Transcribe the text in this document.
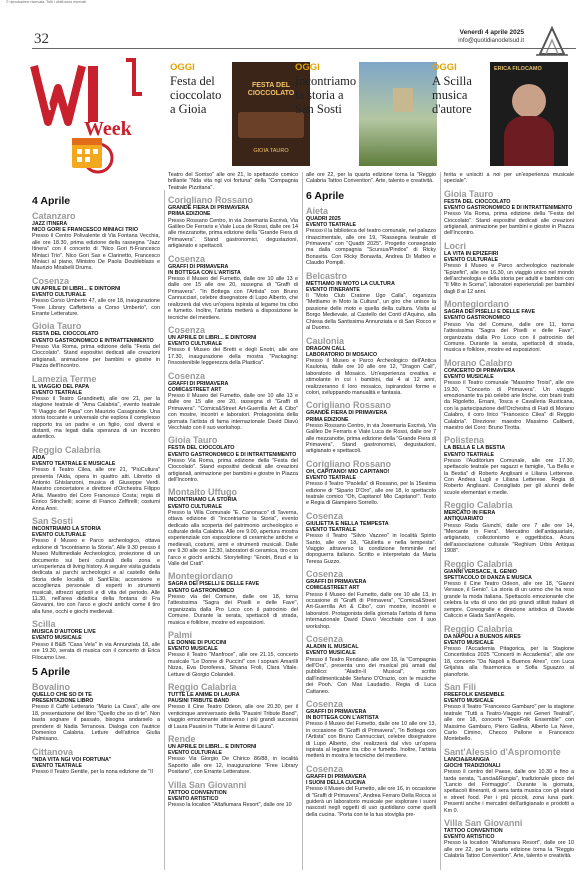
© riproduzione riservata. Tutti i diritti sono riservati
32	Venerdì 4 aprile 2025
info@quotidianodelsud.it
Week
OGGI
Festa del cioccolato a Gioia
FESTA DEL CIOCCOLATO
GIOIA TAURO
OGGI
Incontriamo la storia a San Sosti
OGGI
A Scilla musica d'autore
ERICA FILOCAMO
4 Aprile
Catanzaro
JAZZ ITINERA
NICO GORI E FRANCESCO MINIACI TRIO

Presso il Centro Polivalente di Via Fontana Vecchia, alle ore 18.30, prima edizione della rassegna "Jazz Itinera" con il concerto di "Nico Gori ft-Francesco Miniaci Trio". Nico Gori Sax e Clarinetto, Francesco Miniaci al piano, Ministro De Paola Doubleblass e Maurizio Mirabelli Drums.

Cosenza
UN APRILE DI LIBRI... E DINTORNI
EVENTO CULTURALE

Presso Corso Umberto 47, alle ore 18, inaugurazione "Free Library Caffetteria a Corso Umberto", con Errante Letterature.

Gioia Tauro
FESTA DEL CIOCCOLATO
EVENTO GASTRONOMICO E INTRATTENIMENTO

Presso Via Roma, prima edizione della "Festa del Cioccolato". Stand espositivi dedicati alle creazioni artigianali, animazione per bambini e giostre in Piazza dell'Incontro.

Lamezia Terme
IL VIAGGIO DEL PAPA
EVENTO TEATRALE

Presso il Teatro Grandinetti, alle ore 21, per la stagione teatrale di "Ama Calabria", evento teatrale "Il Viaggio del Papa" con Maurizio Casagrande. Una storia toccante e universale che esplora il complesso rapporto tra un padre e un figlio, così diversi e distanti, ma legati dalla speranza di un incontro autentico.

Reggio Calabria
AIDA
EVENTO TEATRALE E MUSICALE

Presso il Teatro Cilea, alle ore 21, "PiùCultura" presenta l'Aida, opera in quattro atti. Libretto di Antonio Ghislanzoni, musica di Giuseppe Verdi. Maestro concertatore e direttore d'Orchestra Filippo Arlia. Maestro del Coro Francesco Costa; regia di Enrico Stinchelli; scene di Franco Zeffirelli; costumi Anna Anni.

San Sosti
INCONTRIAMO LA STORIA
EVENTO CULTURALE

Presso il Museo e Parco archeologico, ottava edizione di "Incontriamo la Storia". Alle 9.30 presso il Museo Multimediale Archeologico, proiezione di un documento sui beni culturali della zona e un'esperienza di living history. A seguire visita guidata dedicata ai parchi archeologici e al castello della Storia delle località di Sant'Elia; accensione e accoglienza personale di esperti in strumenti musicali, attrezzi agricoli e di vita del periodo. Alle 11.30, nell'area didattica della fontana di Fra Giovanni, tiro con l'arco e giochi antichi come il tiro alla fune, occhi e giochi medievali.

Scilla
MUSICA D'AUTORE LIVE
EVENTO MUSICALE

Presso il B&B "Casa Vela" in via Annunziata 18, alle ore 19.30, serata di musica con il concerto di Erica Filocamo Live.

5 Aprile
Bovalino
QUELLO CHE SO DI TE
PRESENTAZIONE LIBRO

Presso il Caffè Letterario "Mario La Cava", alle ore 18, presentazione del libro "Quello che so di te". Non basta sognare il passato, bisogna andarselo a prendere di Nadia Terranova. Dialoga con l'autrice Domenico Calabria. Letture dell'attrice Giulia Palmisano.

Cittanova
"NDA VITA NGI VOI FORTUNA"
EVENTO TEATRALE

Presso il Teatro Gentile, per la nona edizione de "Il

Teatro del Sorriso" alle ore 21, lo spettacolo comico brillante "Nda vita ngi voi fortuna" della "Compagnia Teatrale Pizzitana".

Corigliano Rossano
GRANDE FIERA DI PRIMAVERA
PRIMA EDIZIONE

Presso Rossano Centro, in via Josemaria Escrivà, Via Galileo De Ferraris e Viale Luca de Rossi, dalle ore 14 alle mezzanotte, prima edizione della "Grande Fiera di Primavera". Stand gastronomici, degustazioni, artigianato e spettacoli.

Cosenza
GRAFFI DI PRIMAVERA
IN BOTTEGA CON L'ARTISTA

Presso il Museo del Fumetto, dalle ore 10 alle 13 e dalle ore 15 alle ore 20, rassegna di "Graffi di Primavera". "In Bottega con l'Artista" con Bruno Cannucciari, celebre disegnatore di Lupo Alberto, che realizzerà dal vivo un'opera ispirata al legame tra cibo e fumetto. Inoltre, l'artista metterà a disposizione le tecniche del mestiere.

Cosenza
UN APRILE DI LIBRI... E DINTORNI
EVENTO CULTURALE

Presso il Museo dei Bretti e degli Enotri, alle ore 17.30, inaugurazione della mostra "Packaging: l'insostenibile leggerezza della Plastica".

Cosenza
GRAFFI DI PRIMAVERA
COMIC&STREET ART

Presso il Museo del Fumetto, dalle ore 10 alle 13 e dalle ore 15 alle ore 20, rassegna di "Graffi di Primavera". "Comics&Street Art-Guerrilla Art & Cibo" con mostre, incontri e laboratori. Protagonista della giornata l'artista di fama internazionale David Diavù Vecchiato con il suo workshop.

Gioia Tauro
FESTA DEL CIOCCOLATO
EVENTO GASTRONOMICO E DI INTRATTENIMENTO

Presso Via Roma, prima edizione della "Festa del Cioccolato". Stand espositivi dedicati alle creazioni artigianali, animazione per bambini e giostre in Piazza dell'Incontro.

Montalto Uffugo
INCONTRIAMO LA STORIA
EVENTO CULTURALE

Presso la Villa Comunale "E. Canonaco" di Taverna, ottava edizione di "Incontriamo la Storia", evento dedicato alla scoperta del patrimonio archeologico e culturale della Calabria. Alle ore 9.00, apertura mostra esperienziale con esposizione di ceramiche antiche e medievali, costumi, armi e strumenti musicali. Dalle ore 9.30 alle ore 12.30, laboratori di ceramica, tiro con l'arco e giochi antichi. Storytelling: "Enotri, Bruzi e la Valle del Crati".

Montegiordano
SAGRA DEI PISELLI E DELLE FAVE
EVENTO GASTRONOMICO

Presso via del Comune, dalle ore 18, torna l'attesissima "Sagra dei Piselli e delle Fave", organizzata dalla Pro Loco con il patrocinio del Comune. Durante la serata, spettacoli di strada, musica e folklore, mostre ed esposizioni.

Palmi
LE DONNE DI PUCCINI
EVENTO MUSICALE

Presso il Teatro "Manfroce", alle ore 21.15, concerto musicale "Le Donne di Puccini" con i soprani Amarilli Nizza, Eva Dorofeeva, Silvana Froli, Clara Vitale. Letture di Giorgio Colandeli.

Reggio Calabria
TUTTE LE ANIME DI LAURA
PAUSINI TRIBUTE BAND

Presso il Cine Teatro Odeon, alle ore 20.30, per il venticinque anniversario della "Pausini Tribute Band", viaggio emozionante attraverso i più grandi successi di Laura Pausini in "Tutte le Anime di Laura".

Rende
UN APRILE DI LIBRI... E DINTORNI
EVENTO CULTURALE

Presso Via Giorgio De Chirico 86/88, in località Saporito alle ore 12, inaugurazione "Free Library Positano", con Errante Letterature.

Villa San Giovanni
TATTOO CONVENTION
EVENTO ARTISTICO

Presso la location "Altafiumara Resort", dalle ore 10

alle ore 22, per la quarta edizione torna la "Reggio Calabria Tattoo Convention". Arte, talento e creatività.

6 Aprile
Aieta
QUADRI 2025
EVENTO TEATRALE

Presso il la biblioteca del teatro comunale, nel palazzo rinascimentale, alle ore 19, "Rassegna teatrale di Primavera" con "Quadri 2025". Progetto consegnato ma dalla compagnia "Scursus/Pindos" di Ricky Bonavita. Con Ricky Bonavita, Andrea Di Matteo e Claudio Pompili.

Belcastro
METTIAMO IN MOTO LA CULTURA
EVENTO ITINERANTE

Il "Moto Club Cratone Ugo Calla", organizza "Mettiamo in Moto la Cultura", un giro che unisce la passione delle moto e quella della cultura. Visita al Borgo Medievale, al Castello dei Conti d'Aquino, alla Chiesa della Santissima Annunziata e di San Rocco e al Duomo.

Caulonia
DRAGON CALL
LABORATORIO DI MOSAICO

Presso il Museo e Parco Archeologico dell'Antica Kaulonia, dalle ore 10 alle ore 12, "Dragon Call", laboratorio di Mosaico. Un'esperienza creativa e stimolante in cui i bambini, dai 4 ai 12 anni, realizzeranno il loro mosaico, ispirandosi forme e colori, sviluppando manualità e fantasia.

Corigliano Rossano
GRANDE FIERA DI PRIMAVERA
PRIMA EDIZIONE

Presso Rossano Centro, in via Josemaria Escrivà, Via Galileo De Ferraris e Viale Luca de Rossi, dalle ore 7 alle mezzanotte, prima edizione della "Grande Fiera di Primavera". Stand gastronomici, degustazioni, artigianato e spettacoli.

Corigliano Rossano
OH, CAPITANO! MIO CAPITANO!
EVENTO TEATRALE

Presso il Teatro "Paolella" di Rossano, per la 15esima edizione di "Sipario D'Oro", alle ore 18, lo spettacolo teatrale comico "Oh, Capitano! Mio Capitano!". Testo e Regia di Giampiero Sorrello.

Cosenza
GIULIETTA E NELLA TEMPESTA
EVENTO TEATRALE

Presso il Teatro "Silvio Vazzeo" in località Spirito Santo, alle ore 18, "Giulietta e nella tempesta". Viaggio attraverso la condizione femminile nel dopoguerra italiano. Scritto e interpretato da Maria Teresa Guzzo.

Cosenza
GRAFFI DI PRIMAVERA
COMIC&STREET ART

Presso il Museo del Fumetto, dalle ore 10 alle 13, in occasione di "Graffi di Primavera", "Comics&Street Art-Guerrilla Art & Cibo", con mostre, incontri e laboratori. Protagonista della giornata l'artista di fama internazionale David Diavù Vecchiato con il suo workshop.

Cosenza
ALADIN IL MUSICAL
EVENTO MUSICALE

Presso il Teatro Rendano, alle ore 18, la "Compagnia dell'Ora", presenta uno dei musical più amati dal pubblico: "Aladin-Il Musical", scritto dall'indimenticabile Stefano D'Orazio, con le musiche dei Pooh. Con Max Laudadio. Regia di Luca Cattaneo.

Cosenza
GRAFFI DI PRIMAVERA
IN BOTTEGA CON L'ARTISTA

Presso il Museo del Fumetto, dalle ore 10 alle ore 13, in occasione di "Graffi di Primavera", "In Bottega con l'Artista" con Bruno Cannucciari, celebre disegnatore di Lupo Alberto, che realizzerà dal vivo un'opera ispirata al legame tra cibo e fumetto. Inoltre, l'artista metterà in mostra le tecniche del mestiere.

Cosenza
GRAFFI DI PRIMAVERA
I SUONI DELLA CUCINA

Presso il Museo del Fumetto, alle ore 16, in occasione di "Graffi di Primavera", Andrea Ferraro Della Rocca si guiderà un laboratorio musicale per esplorare i suoni nascosti negli oggetti di uso quotidiano come quelli della cucina. "Porta con te la tua stoviglia pre-

ferita e unisciti a noi per un'esperienza musicale speciale".

Gioia Tauro
FESTA DEL CIOCCOLATO
EVENTO GASTRONOMICO E DI INTRATTENIMENTO

Presso Via Roma, prima edizione della "Festa del Cioccolato". Stand espositivi dedicati alle creazioni artigianali, animazione per bambini e giostre in Piazza dell'Incontro.

Locri
LA VITA IN EPIZEFIRI
EVENTO CULTURALE

Presso il Museo e Parco archeologico nazionale "Epizefiri", alle ore 16.30, un viaggio unico nel mondo dell'archeologia e della storia per adulti e bambini con "Il Mito in Scena", laboratori esperienziali per bambini dagli 8 ai 12 anni.

Montegiordano
SAGRA DEI PISELLI E DELLE FAVE
EVENTO GASTRONOMICO

Presso Via del Comune, dalle ore 11, torna l'attesissima "Sagra dei Piselli e delle Fave", organizzata dalla Pro Loco con il patrocinio del Comune. Durante la serata, spettacoli di strada, musica e folklore, mostre ed esposizioni.

Morano Calabro
CONCERTO DI PRIMAVERA
EVENTO MUSICALE

Presso il Teatro comunale "Massimo Troisi", alle ore 19.30, "Concerto di Primavera". Un viaggio emozionante tra più celebri arie liriche, con brani tratti da Rigoletto, Ernani, Tosca e Cavalleria Rusticana, con la partecipazione dell'Orchestra di Fiati di Morano Calabro, il coro lirico "Francesco Cilea" di Reggio Calabria". Direzione: maestro Massimo Caliberti, maestro del Coro: Bruno Tirotta.

Polistena
LA BELLA E LA BESTIA
EVENTO TEATRALE

Presso l'Auditorium Comunale, alle ore 17.30, spettacolo teatrale per ragazzi e famiglie, "La Bella e la Bestia" di Roberto Anglisani e Liliana Letterese. Con Andrea Lugli e Liliana Letterese. Regia di Roberto Anglisani. Consigliato per gli alunni delle scuole elementari e medie.

Reggio Calabria
MERCATO IN FIERA
ANTIQUARIATO

Presso Rada Giunchi, dalle ore 7 alle ore 14, "Mercante in Fiera". Mercatino dell'antiquariato, artigianato, collezionismo e oggettistica. Acura dell'associazione culturale "Reghium Urbis Antiqua 1908".

Reggio Calabria
GIANNI VERSACE, IL GENIO
SPETTACOLO DI DANZA E MUSICA

Presso il Cine Teatro Odeon, alle ore 18, "Gianni Versace, il Genio". La storia di un uomo che ha reso grande la moda italiana. Spettacolo emozionante che celebra la vita di uno dei più grandi stilisti italiani di sempre. Coreografie e direzione artistica di Davide Caliccio e Giada Sant'Angelo.

Reggio Calabria
DA NAPOLI A BUENOS AIRES
EVENTO MUSICALE

Presso l'Accademia Pitagorica, per la Stagione Concertistica 2025 "Concerti in Accademia", alle ore 18, concerto "Da Napoli a Buenos Aires", con Luca Grijalvia alla fisarmonica e Sofia Sguazzo al pianoforte.

San Fili
FREEFOLK ENSEMBLE
EVENTO MUSICALE

Presso il Teatro "Francesco Gambaro" per la stagione teatrale "Tutti a Teatro-Viaggio nei Generi Teatrali", alle ore 18, concerto "FreeFolk Ensemble" con Massimo Gambaro, Piero Gallina, Alberto La Neve, Carlo Cimino, Checco Pallone e Francesco Montebello.

Sant'Alessio d'Aspromonte
LANCIA&RANGIA
GIOCHI TRADIZIONALI

Presso il centro del Paese, dalle ore 10.30 e fino a tarda serata, "Lancia&Rangia", tradizionale gioco del "Lancio del Formaggio". Durante la giornata, spettacoli itineranti, di sera tanta musica con gli stand e street food. Per i più piccoli, zona luna park. Presenti anche i mercatini dell'artigianato e prodotti a Km 0.

Villa San Giovanni
TATTOO CONVENTION
EVENTO ARTISTICO

Presso la location "Altafiumara Resort", dalle ore 10 alle ore 22, per la quarta edizione torna la "Reggio Calabria Tattoo Convention". Arte, talento e creatività.
